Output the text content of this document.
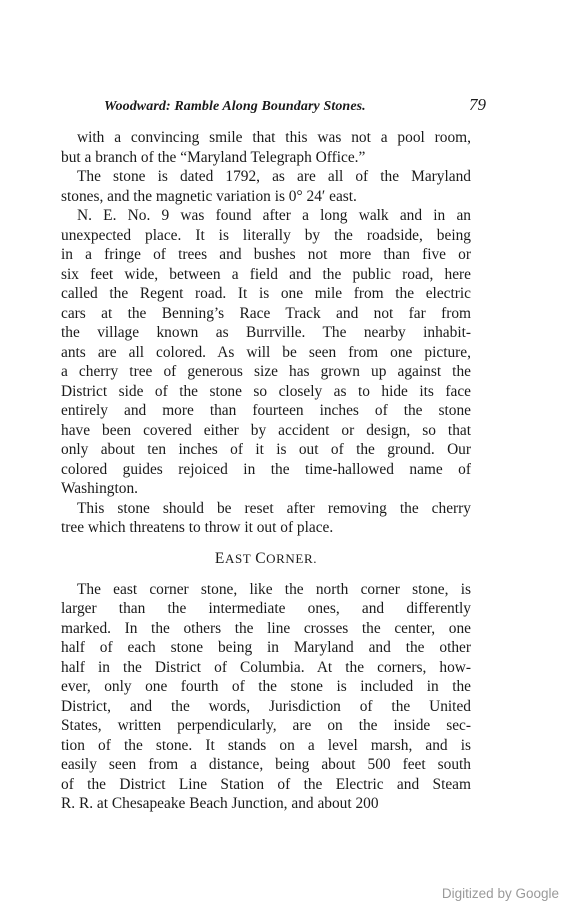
Woodward: Ramble Along Boundary Stones.	79
with a convincing smile that this was not a pool room,
but a branch of the “Maryland Telegraph Office.”
The stone is dated 1792, as are all of the Maryland
stones, and the magnetic variation is 0° 24′ east.
N. E. No. 9 was found after a long walk and in an
unexpected place. It is literally by the roadside, being
in a fringe of trees and bushes not more than five or
six feet wide, between a field and the public road, here
called the Regent road. It is one mile from the electric
cars at the Benning’s Race Track and not far from
the village known as Burrville. The nearby inhabit-
ants are all colored. As will be seen from one picture,
a cherry tree of generous size has grown up against the
District side of the stone so closely as to hide its face
entirely and more than fourteen inches of the stone
have been covered either by accident or design, so that
only about ten inches of it is out of the ground. Our
colored guides rejoiced in the time-hallowed name of
Washington.
This stone should be reset after removing the cherry
tree which threatens to throw it out of place.
E AST
C ORNER.
The east corner stone, like the north corner stone, is
larger than the intermediate ones, and differently
marked. In the others the line crosses the center, one
half of each stone being in Maryland and the other
half in the District of Columbia. At the corners, how-
ever, only one fourth of the stone is included in the
District, and the words, Jurisdiction of the United
States, written perpendicularly, are on the inside sec-
tion of the stone. It stands on a level marsh, and is
easily seen from a distance, being about 500 feet south
of the District Line Station of the Electric and Steam
R. R. at Chesapeake Beach Junction, and about 200
Digitized by Google
